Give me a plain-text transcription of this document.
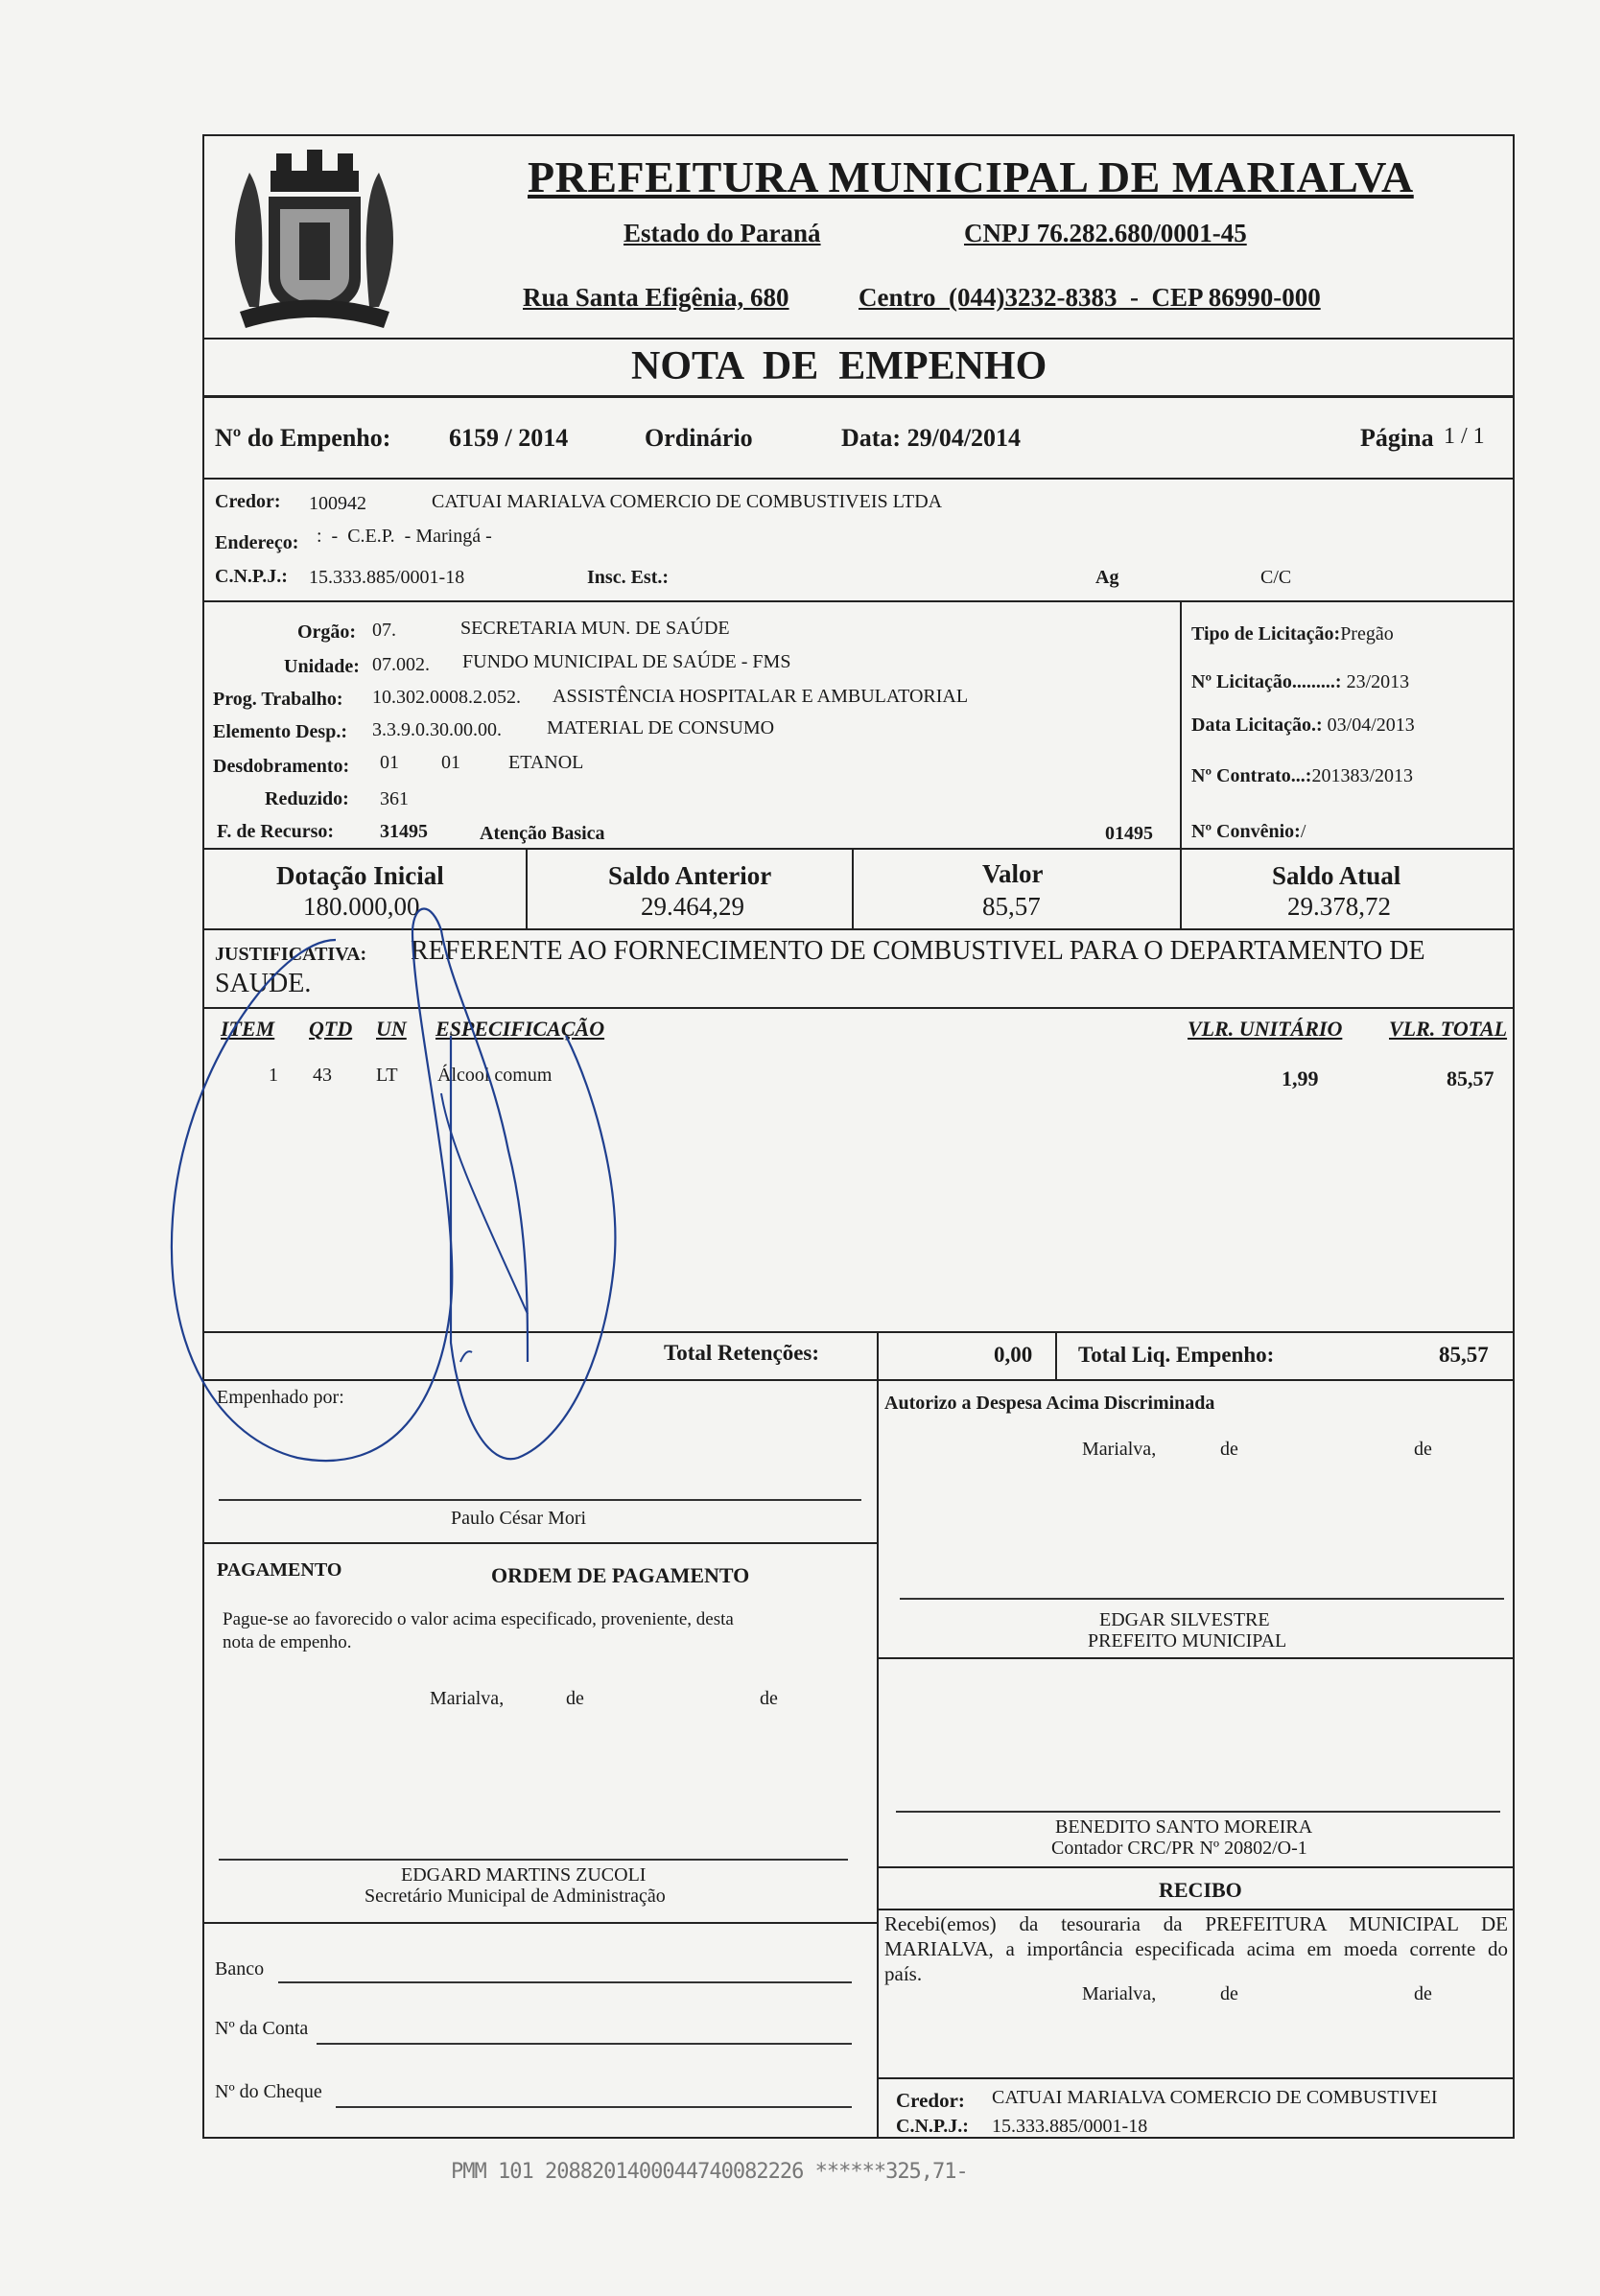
PREFEITURA MUNICIPAL DE MARIALVA
Estado do Paraná	CNPJ 76.282.680/0001-45
Rua Santa Efigênia, 680	Centro  (044)3232-8383  -  CEP 86990-000
NOTA  DE  EMPENHO
Nº do Empenho: 6159 / 2014	Ordinário	Data: 29/04/2014	Página 1 / 1
Credor: 100942	CATUAI MARIALVA COMERCIO DE COMBUSTIVEIS LTDA
Endereço: :  -  C.E.P.  - Maringá -
C.N.P.J.: 15.333.885/0001-18	Insc. Est.:	Ag	C/C
Orgão: 07.	SECRETARIA MUN. DE SAÚDE
Unidade: 07.002. FUNDO MUNICIPAL DE SAÚDE - FMS
Prog. Trabalho: 10.302.0008.2.052. ASSISTÊNCIA HOSPITALAR E AMBULATORIAL
Elemento Desp.: 3.3.9.0.30.00.00. MATERIAL DE CONSUMO
Desdobramento: 01 01	ETANOL
Reduzido: 361
F. de Recurso: 31495	Atenção Basica	01495
Tipo de Licitação:Pregão
Nº Licitação.........: 23/2013
Data Licitação.: 03/04/2013
Nº Contrato...:201383/2013
Nº Convênio:/
Dotação Inicial
180.000,00
Saldo Anterior
29.464,29
Valor
85,57
Saldo Atual
29.378,72
JUSTIFICATIVA: REFERENTE AO FORNECIMENTO DE COMBUSTIVEL PARA O DEPARTAMENTO DE
SAUDE.
ITEM QTD UN ESPECIFICAÇÃO	VLR. UNITÁRIO VLR. TOTAL
1 43 LT Álcool comum	1,99	85,57
Total Retenções:	0,00 Total Liq. Empenho:	85,57
Empenhado por:
Paulo César Mori
Autorizo a Despesa Acima Discriminada
Marialva,	de	de
EDGAR SILVESTRE
PREFEITO MUNICIPAL
PAGAMENTO	ORDEM DE PAGAMENTO
Pague-se ao favorecido o valor acima especificado, proveniente, desta
nota de empenho.
Marialva,	de	de
EDGARD MARTINS ZUCOLI
Secretário Municipal de Administração
Banco
Nº da Conta
Nº do Cheque
BENEDITO SANTO MOREIRA
Contador CRC/PR Nº 20802/O-1
RECIBO
Recebi(emos) da tesouraria da PREFEITURA MUNICIPAL DE
MARIALVA, a importância especificada acima em moeda corrente do
país.
Marialva,	de	de
Credor: CATUAI MARIALVA COMERCIO DE COMBUSTIVEI
C.N.P.J.: 15.333.885/0001-18
PMM 101 2088201400044740082226 ******325,71-
